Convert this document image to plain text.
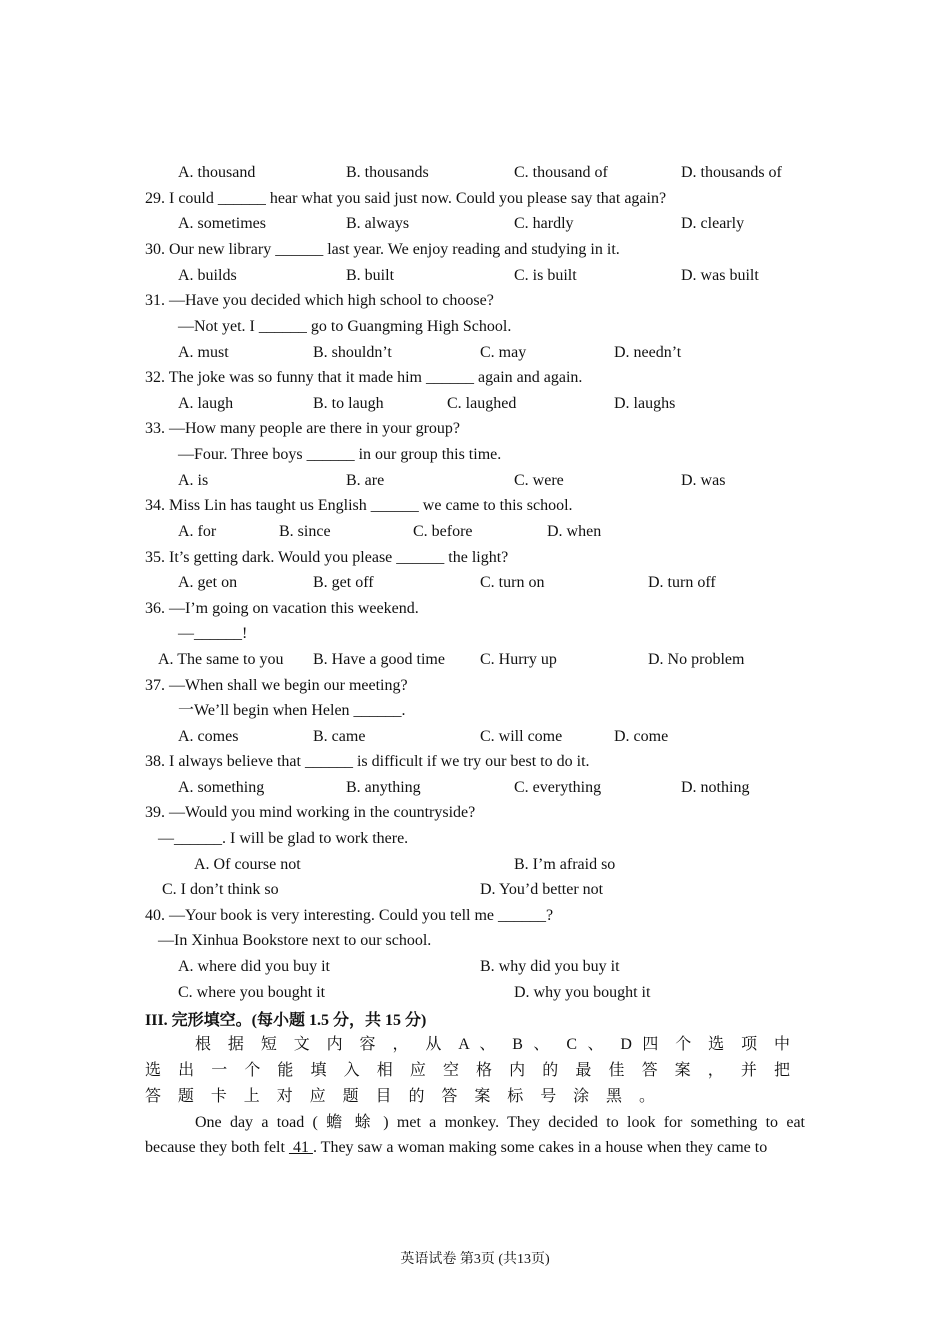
A. thousand	B. thousands	C. thousand of	D. thousands of
29. I could ______ hear what you said just now. Could you please say that again?
A. sometimes	B. always	C. hardly	D. clearly
30. Our new library ______ last year. We enjoy reading and studying in it.
A. builds	B. built	C. is built	D. was built
31. —Have you decided which high school to choose?
—Not yet. I ______ go to Guangming High School.
A. must	B. shouldn’t	C. may	D. needn’t
32. The joke was so funny that it made him ______ again and again.
A. laugh	B. to laugh	C. laughed	D. laughs
33. —How many people are there in your group?
—Four. Three boys ______ in our group this time.
A. is	B. are	C. were	D. was
34. Miss Lin has taught us English ______ we came to this school.
A. for	B. since	C. before	D. when
35. It’s getting dark. Would you please ______ the light?
A. get on	B. get off	C. turn on	D. turn off
36. —I’m going on vacation this weekend.
—______!
A. The same to you B. Have a good time C. Hurry up	D. No problem
37. —When shall we begin our meeting?
一We’ll begin when Helen ______.
A. comes	B. came	C. will come	D. come
38. I always believe that ______ is difficult if we try our best to do it.
A. something	B. anything	C. everything	D. nothing
39. —Would you mind working in the countryside?
—______. I will be glad to work there.
A. Of course not	B. I’m afraid so
C. I don’t think so	D. You’d better not
40. —Your book is very interesting. Could you tell me ______?
—In Xinhua Bookstore next to our school.
A. where did you buy it	B. why did you buy it
C. where you bought it	D. why you bought it
III. 完形填空。(每小题 1.5 分，共 15 分)
根 据 短 文 内 容 ， 从 A 、 B 、 C 、 D 四 个 选 项 中
选 出 一 个 能 填 入 相 应 空 格 内 的 最 佳 答 案 ， 并 把
答 题 卡 上 对 应 题 目 的 答 案 标 号 涂 黑 。
One day a toad ( 蟾 蜍 ) met a monkey. They decided to look for something to eat
because they both felt  41 . They saw a woman making some cakes in a house when they came to
英语试卷 第3页 (共13页)
